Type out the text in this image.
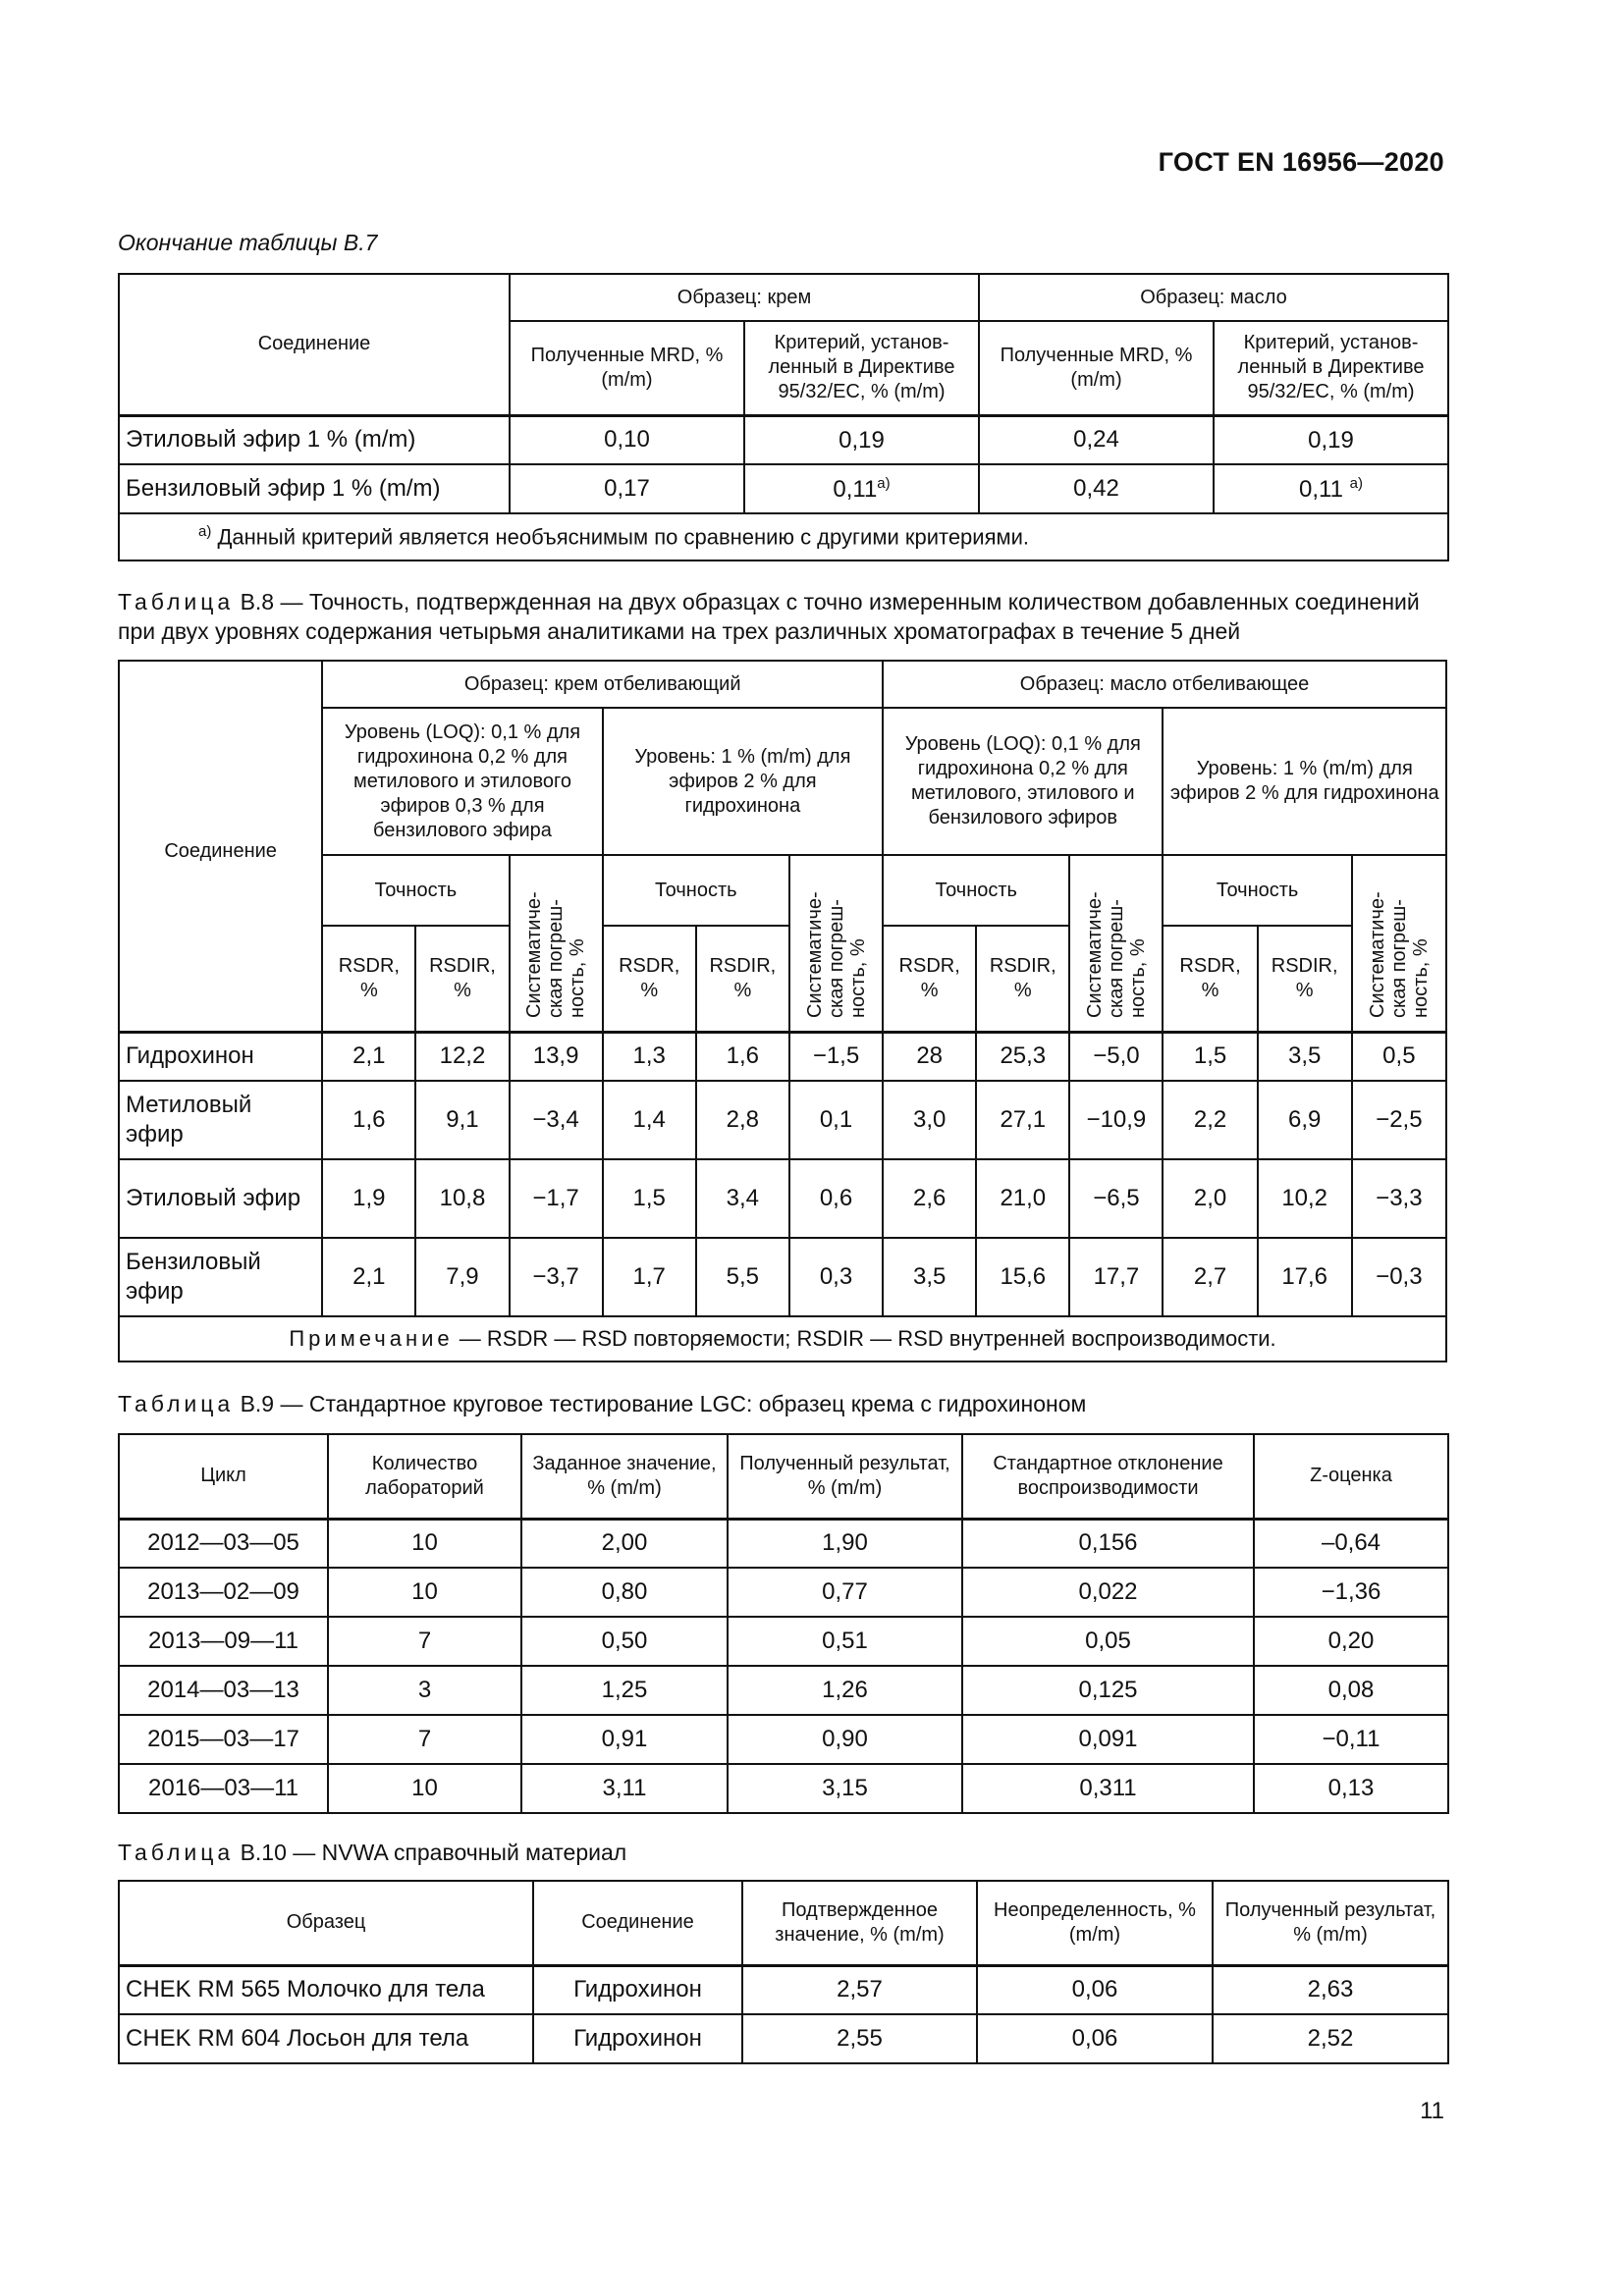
ГОСТ EN 16956—2020
Окончание таблицы В.7
Соединение	Образец: крем		Образец: масло	
	Полученные MRD, % (m/m)	Критерий, установ-ленный в Директиве 95/32/ЕС, % (m/m)	Полученные MRD, % (m/m)	Критерий, установ-ленный в Директиве 95/32/ЕС, % (m/m)
Этиловый эфир 1 % (m/m)	0,10	0,19	0,24	0,19
Бензиловый эфир 1 % (m/m)	0,17	$0,11^{а)}$	0,42	0,11 $^{а)}$
$^{а)}$ Данный критерий является необъяснимым по сравнению с другими критериями.				
Таблица В.8 — Точность, подтвержденная на двух образцах с точно измеренным количеством добавленных соединений при двух уровнях содержания четырьмя аналитиками на трех различных хроматографах в течение 5 дней
Соединение	Образец: крем отбеливающий						Образец: масло отбеливающее					
	Уровень (LOQ): 0,1 % для гидрохинона 0,2 % для метилового и этилового эфиров 0,3 % для бензилового эфира			Уровень: 1 % (m/m) для эфиров 2 % для гидрохинона			Уровень (LOQ): 0,1 % для гидрохинона 0,2 % для метилового, этилового и бензилового эфиров			Уровень: 1 % (m/m) для эфиров 2 % для гидрохинона		
	Точность		Систематиче-ская погреш-ность, %	Точность		Систематиче-ская погреш-ность, %	Точность		Систематиче-ская погреш-ность, %	Точность		Систематиче-ская погреш-ность, %
	RSDR, %	RSDIR, %		RSDR, %	RSDIR, %		RSDR, %	RSDIR, %		RSDR, %	RSDIR, %	
Гидрохинон	2,1	12,2	13,9	1,3	1,6	−1,5	28	25,3	−5,0	1,5	3,5	0,5
Метиловый эфир	1,6	9,1	−3,4	1,4	2,8	0,1	3,0	27,1	−10,9	2,2	6,9	−2,5
Этиловый эфир	1,9	10,8	−1,7	1,5	3,4	0,6	2,6	21,0	−6,5	2,0	10,2	−3,3
Бензиловый эфир	2,1	7,9	−3,7	1,7	5,5	0,3	3,5	15,6	17,7	2,7	17,6	−0,3
Примечание — RSDR — RSD повторяемости; RSDIR — RSD внутренней воспроизводимости.												
Таблица В.9 — Стандартное круговое тестирование LGC: образец крема с гидрохиноном
Цикл	Количество лабораторий	Заданное значение, % (m/m)	Полученный результат, % (m/m)	Стандартное отклонение воспроизводимости	Z-оценка
2012—03—05	10	2,00	1,90	0,156	–0,64
2013—02—09	10	0,80	0,77	0,022	−1,36
2013—09—11	7	0,50	0,51	0,05	0,20
2014—03—13	3	1,25	1,26	0,125	0,08
2015—03—17	7	0,91	0,90	0,091	−0,11
2016—03—11	10	3,11	3,15	0,311	0,13
Таблица В.10 — NVWA справочный материал
Образец	Соединение	Подтвержденное значение, % (m/m)	Неопределенность, % (m/m)	Полученный результат, % (m/m)
CHEK RM 565 Молочко для тела	Гидрохинон	2,57	0,06	2,63
CHEK RM 604 Лосьон для тела	Гидрохинон	2,55	0,06	2,52
11
